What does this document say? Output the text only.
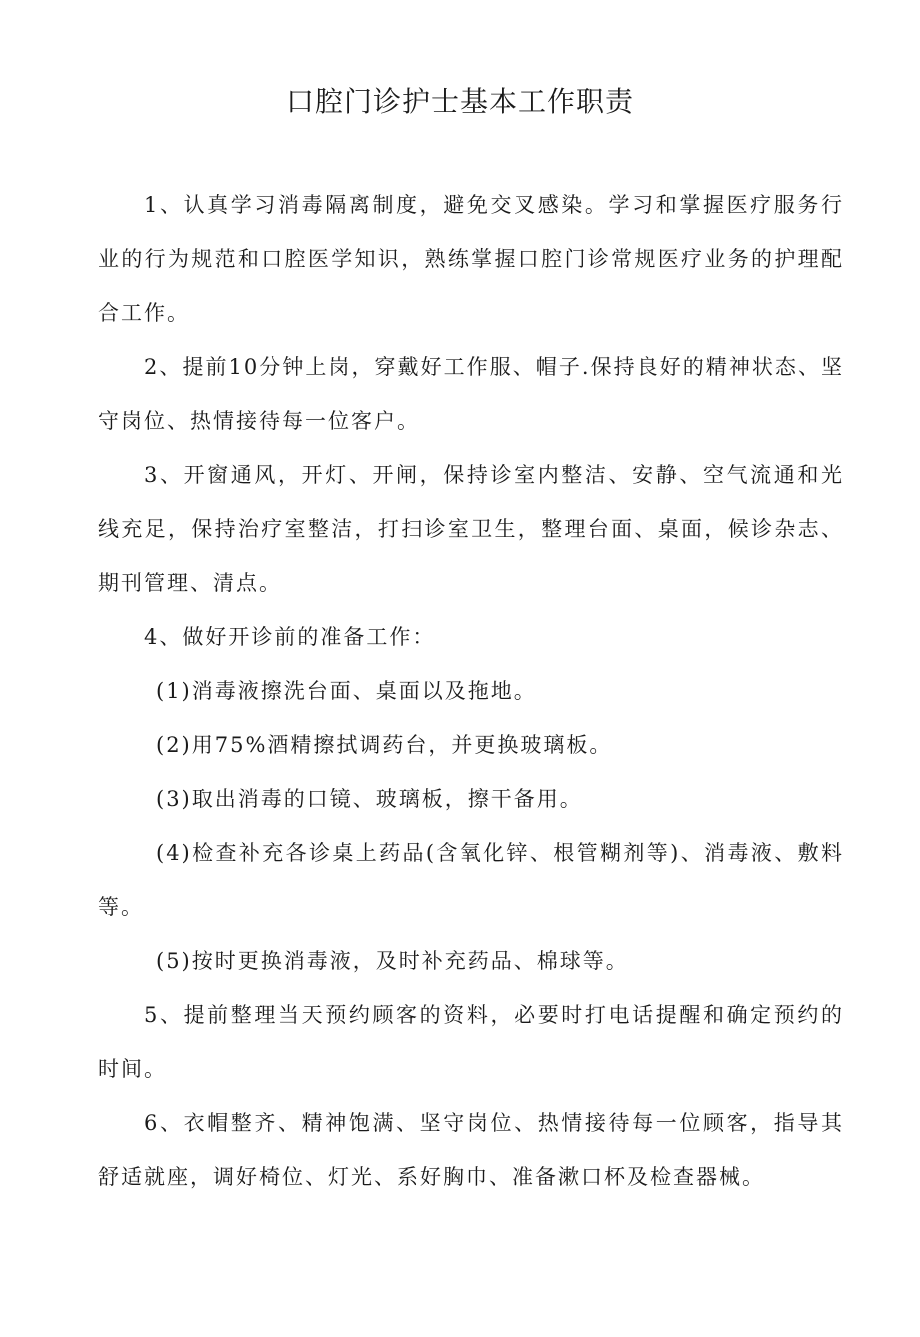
口腔门诊护士基本工作职责

1、认真学习消毒隔离制度，避免交叉感染。学习和掌握医疗服务行业的行为规范和口腔医学知识，熟练掌握口腔门诊常规医疗业务的护理配合工作。

2、提前10分钟上岗，穿戴好工作服、帽子.保持良好的精神状态、坚守岗位、热情接待每一位客户。

3、开窗通风，开灯、开闸，保持诊室内整洁、安静、空气流通和光线充足，保持治疗室整洁，打扫诊室卫生，整理台面、桌面，候诊杂志、期刊管理、清点。

4、做好开诊前的准备工作：

(1)消毒液擦洗台面、桌面以及拖地。

(2)用75%酒精擦拭调药台，并更换玻璃板。

(3)取出消毒的口镜、玻璃板，擦干备用。

(4)检查补充各诊桌上药品(含氧化锌、根管糊剂等)、消毒液、敷料等。

(5)按时更换消毒液，及时补充药品、棉球等。

5、提前整理当天预约顾客的资料，必要时打电话提醒和确定预约的时间。

6、衣帽整齐、精神饱满、坚守岗位、热情接待每一位顾客，指导其舒适就座，调好椅位、灯光、系好胸巾、准备漱口杯及检查器械。
